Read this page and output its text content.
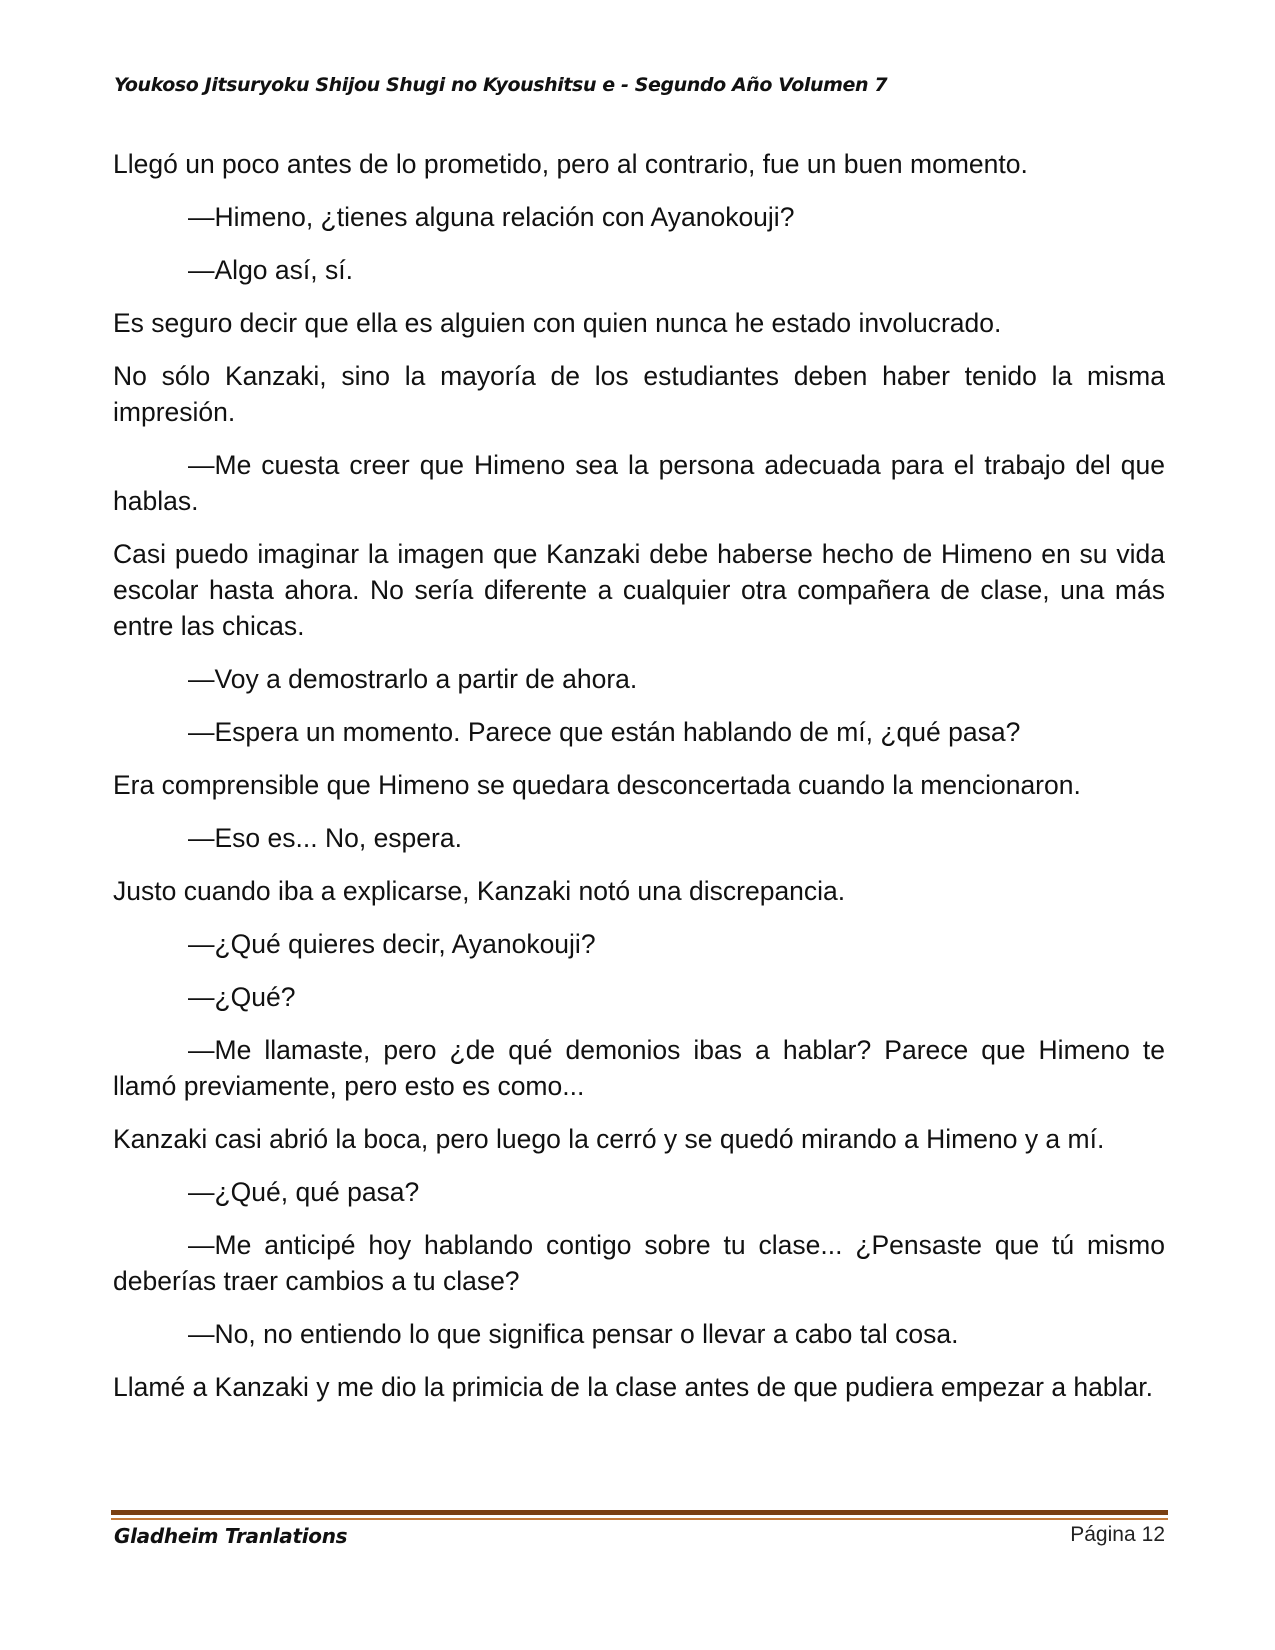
Youkoso Jitsuryoku Shijou Shugi no Kyoushitsu e - Segundo Año Volumen 7

Llegó un poco antes de lo prometido, pero al contrario, fue un buen momento.

—Himeno, ¿tienes alguna relación con Ayanokouji?

—Algo así, sí.

Es seguro decir que ella es alguien con quien nunca he estado involucrado.

No sólo Kanzaki, sino la mayoría de los estudiantes deben haber tenido la misma impresión.

—Me cuesta creer que Himeno sea la persona adecuada para el trabajo del que hablas.

Casi puedo imaginar la imagen que Kanzaki debe haberse hecho de Himeno en su vida escolar hasta ahora. No sería diferente a cualquier otra compañera de clase, una más entre las chicas.

—Voy a demostrarlo a partir de ahora.

—Espera un momento. Parece que están hablando de mí, ¿qué pasa?

Era comprensible que Himeno se quedara desconcertada cuando la mencionaron.

—Eso es... No, espera.

Justo cuando iba a explicarse, Kanzaki notó una discrepancia.

—¿Qué quieres decir, Ayanokouji?

—¿Qué?

—Me llamaste, pero ¿de qué demonios ibas a hablar? Parece que Himeno te llamó previamente, pero esto es como...

Kanzaki casi abrió la boca, pero luego la cerró y se quedó mirando a Himeno y a mí.

—¿Qué, qué pasa?

—Me anticipé hoy hablando contigo sobre tu clase... ¿Pensaste que tú mismo deberías traer cambios a tu clase?

—No, no entiendo lo que significa pensar o llevar a cabo tal cosa.

Llamé a Kanzaki y me dio la primicia de la clase antes de que pudiera empezar a hablar.

Gladheim Tranlations	Página 12
